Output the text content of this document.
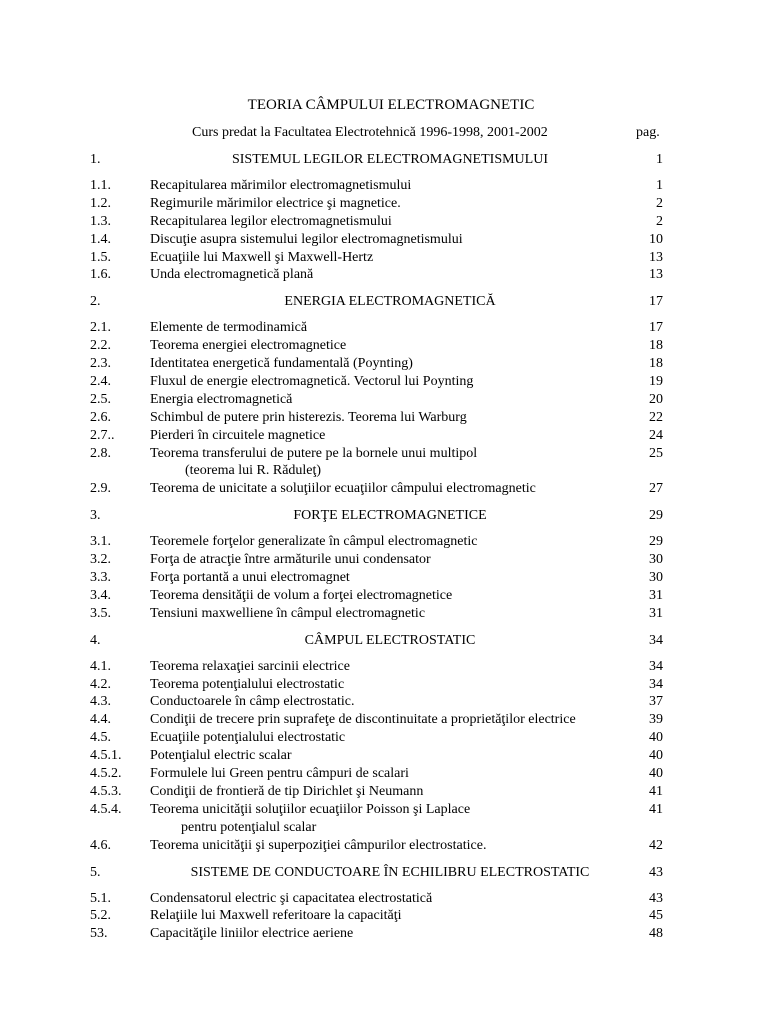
TEORIA CÂMPULUI ELECTROMAGNETIC
Curs predat la Facultatea Electrotehnică 1996-1998, 2001-2002	pag.
1.	SISTEMUL LEGILOR ELECTROMAGNETISMULUI	1
1.1.	Recapitularea mărimilor electromagnetismului	1
1.2.	Regimurile mărimilor electrice şi magnetice.	2
1.3.	Recapitularea legilor electromagnetismului	2
1.4.	Discuţie asupra sistemului legilor electromagnetismului	10
1.5.	Ecuaţiile lui Maxwell şi Maxwell-Hertz	13
1.6.	Unda electromagnetică plană	13
2.	ENERGIA ELECTROMAGNETICĂ	17
2.1.	Elemente de termodinamică	17
2.2.	Teorema energiei electromagnetice	18
2.3.	Identitatea energetică fundamentală (Poynting)	18
2.4.	Fluxul de energie electromagnetică. Vectorul lui Poynting	19
2.5.	Energia electromagnetică	20
2.6.	Schimbul de putere prin histerezis. Teorema lui Warburg	22
2.7..	Pierderi în circuitele magnetice	24
2.8.	Teorema transferului de putere pe la bornele unui multipol	25
(teorema lui R. Răduleţ)
2.9.	Teorema de unicitate a soluţiilor ecuaţiilor câmpului electromagnetic	27
3.	FORŢE ELECTROMAGNETICE	29
3.1.	Teoremele forţelor generalizate în câmpul electromagnetic	29
3.2.	Forţa de atracţie între armăturile unui condensator	30
3.3.	Forţa portantă a unui electromagnet	30
3.4.	Teorema densităţii de volum a forţei electromagnetice	31
3.5.	Tensiuni maxwelliene în câmpul electromagnetic	31
4.	CÂMPUL ELECTROSTATIC	34
4.1.	Teorema relaxaţiei sarcinii electrice	34
4.2.	Teorema potenţialului electrostatic	34
4.3.	Conductoarele în câmp electrostatic.	37
4.4.	Condiţii de trecere prin suprafeţe de discontinuitate a proprietăţilor electrice	39
4.5.	Ecuaţiile potenţialului electrostatic	40
4.5.1. Potenţialul electric scalar	40
4.5.2. Formulele lui Green pentru câmpuri de scalari	40
4.5.3. Condiţii de frontieră de tip Dirichlet şi Neumann	41
4.5.4. Teorema unicităţii soluţiilor ecuaţiilor Poisson şi Laplace	41
pentru potenţialul scalar
4.6.	Teorema unicităţii şi superpoziţiei câmpurilor electrostatice.	42
5.	SISTEME DE CONDUCTOARE ÎN ECHILIBRU ELECTROSTATIC	43
5.1.	Condensatorul electric şi capacitatea electrostatică	43
5.2.	Relaţiile lui Maxwell referitoare la capacităţi	45
53.	Capacităţile liniilor electrice aeriene	48
